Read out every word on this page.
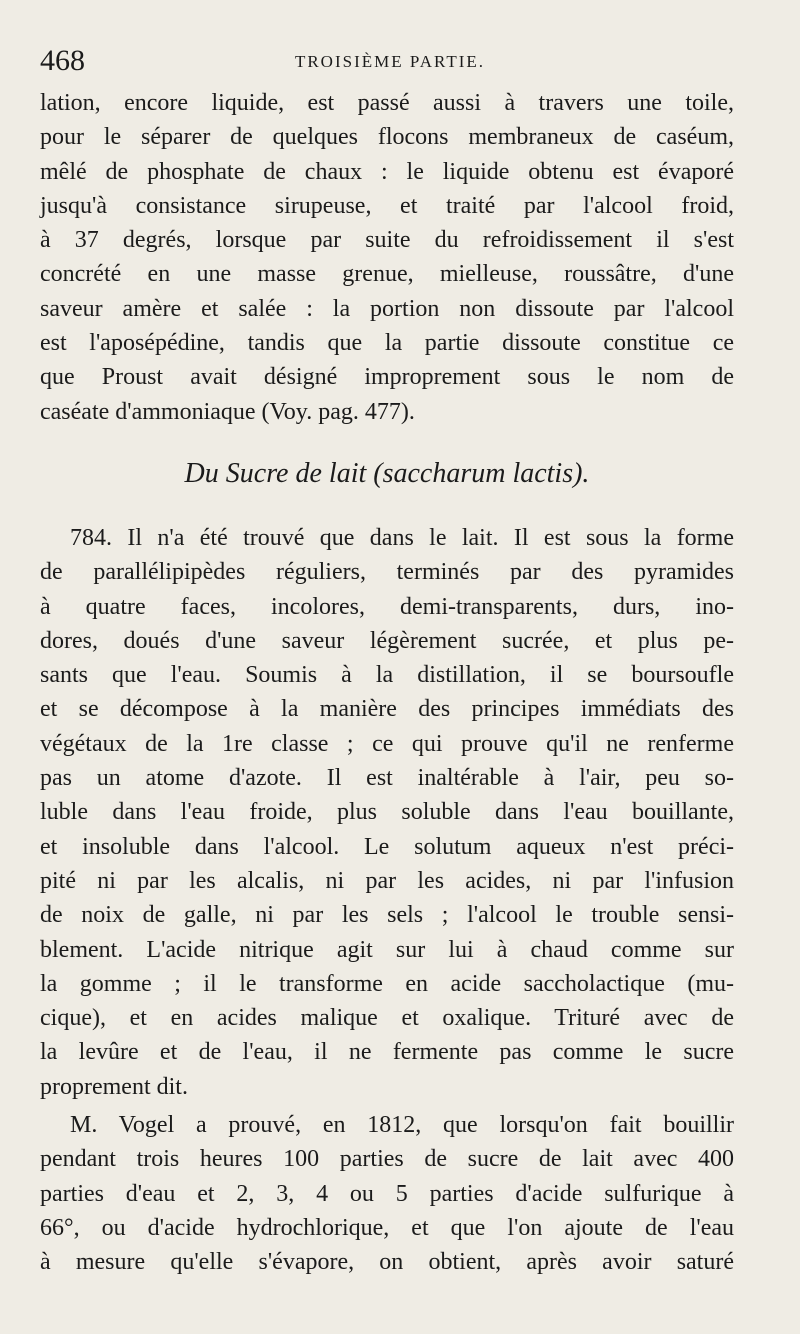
468	TROISIÈME PARTIE.
lation, encore liquide, est passé aussi à travers une toile,
pour le séparer de quelques flocons membraneux de caséum,
mêlé de phosphate de chaux : le liquide obtenu est évaporé
jusqu'à consistance sirupeuse, et traité par l'alcool froid,
à 37 degrés, lorsque par suite du refroidissement il s'est
concrété en une masse grenue, mielleuse, roussâtre, d'une
saveur amère et salée : la portion non dissoute par l'alcool
est l'aposépédine, tandis que la partie dissoute constitue ce
que Proust avait désigné improprement sous le nom de
caséate d'ammoniaque (Voy. pag. 477).
Du Sucre de lait (saccharum lactis).
784. Il n'a été trouvé que dans le lait. Il est sous la forme
de parallélipipèdes réguliers, terminés par des pyramides
à quatre faces, incolores, demi-transparents, durs, ino-
dores, doués d'une saveur légèrement sucrée, et plus pe-
sants que l'eau. Soumis à la distillation, il se boursoufle
et se décompose à la manière des principes immédiats des
végétaux de la 1re classe ; ce qui prouve qu'il ne renferme
pas un atome d'azote. Il est inaltérable à l'air, peu so-
luble dans l'eau froide, plus soluble dans l'eau bouillante,
et insoluble dans l'alcool. Le solutum aqueux n'est préci-
pité ni par les alcalis, ni par les acides, ni par l'infusion
de noix de galle, ni par les sels ; l'alcool le trouble sensi-
blement. L'acide nitrique agit sur lui à chaud comme sur
la gomme ; il le transforme en acide saccholactique (mu-
cique), et en acides malique et oxalique. Trituré avec de
la levûre et de l'eau, il ne fermente pas comme le sucre
proprement dit.
M. Vogel a prouvé, en 1812, que lorsqu'on fait bouillir
pendant trois heures 100 parties de sucre de lait avec 400
parties d'eau et 2, 3, 4 ou 5 parties d'acide sulfurique à
66°, ou d'acide hydrochlorique, et que l'on ajoute de l'eau
à mesure qu'elle s'évapore, on obtient, après avoir saturé
